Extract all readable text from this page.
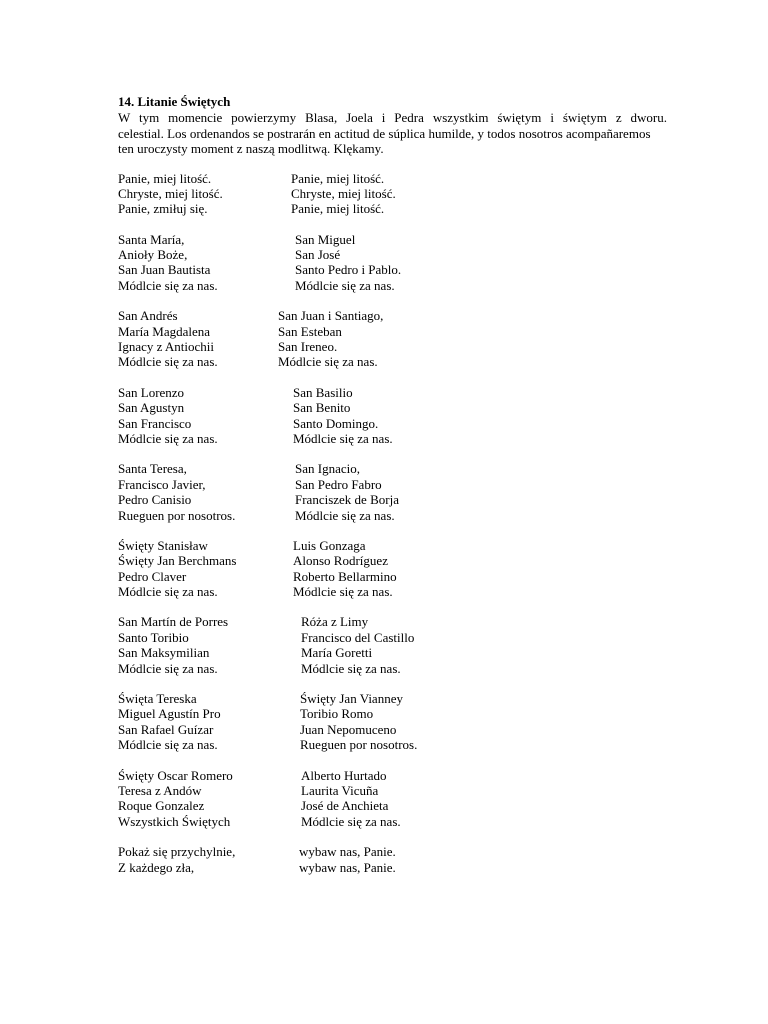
14. Litanie Świętych
W tym momencie powierzymy Blasa, Joela i Pedra wszystkim świętym i świętym z dworu.
celestial. Los ordenandos se postrarán en actitud de súplica humilde, y todos nosotros acompañaremos
ten uroczysty moment z naszą modlitwą. Klękamy.
Panie, miej litość.	Panie, miej litość.
Chryste, miej litość.	Chryste, miej litość.
Panie, zmiłuj się.	Panie, miej litość.
Santa María,	San Miguel
Anioły Boże,	San José
San Juan Bautista	Santo Pedro i Pablo.
Módlcie się za nas.	Módlcie się za nas.
San Andrés	San Juan i Santiago,
María Magdalena	San Esteban
Ignacy z Antiochii	San Ireneo.
Módlcie się za nas.	Módlcie się za nas.
San Lorenzo	San Basilio
San Agustyn	San Benito
San Francisco	Santo Domingo.
Módlcie się za nas.	Módlcie się za nas.
Santa Teresa,	San Ignacio,
Francisco Javier,	San Pedro Fabro
Pedro Canisio	Franciszek de Borja
Rueguen por nosotros.	Módlcie się za nas.
Święty Stanisław	Luis Gonzaga
Święty Jan Berchmans	Alonso Rodríguez
Pedro Claver	Roberto Bellarmino
Módlcie się za nas.	Módlcie się za nas.
San Martín de Porres	Róża z Limy
Santo Toribio	Francisco del Castillo
San Maksymilian	María Goretti
Módlcie się za nas.	Módlcie się za nas.
Święta Tereska	Święty Jan Vianney
Miguel Agustín Pro	Toribio Romo
San Rafael Guízar	Juan Nepomuceno
Módlcie się za nas.	Rueguen por nosotros.
Święty Oscar Romero	Alberto Hurtado
Teresa z Andów	Laurita Vicuña
Roque Gonzalez	José de Anchieta
Wszystkich Świętych	Módlcie się za nas.
Pokaż się przychylnie,	wybaw nas, Panie.
Z każdego zła,	wybaw nas, Panie.
